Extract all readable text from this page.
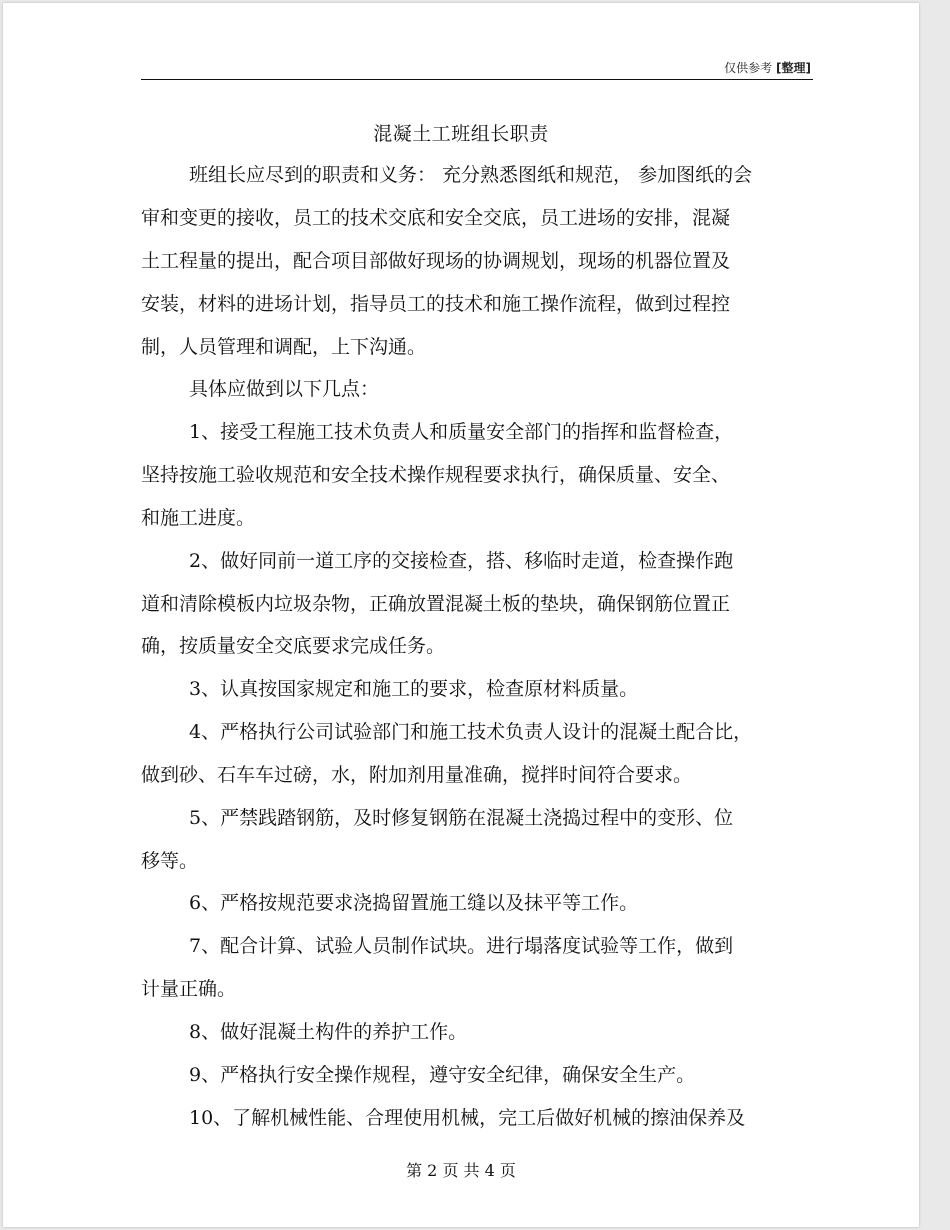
仅供参考 [整理]
混凝土工班组长职责
班组长应尽到的职责和义务： 充分熟悉图纸和规范， 参加图纸的会
审和变更的接收，员工的技术交底和安全交底，员工进场的安排，混凝
土工程量的提出，配合项目部做好现场的协调规划，现场的机器位置及
安装，材料的进场计划，指导员工的技术和施工操作流程，做到过程控
制，人员管理和调配，上下沟通。
具体应做到以下几点：
1、接受工程施工技术负责人和质量安全部门的指挥和监督检查，
坚持按施工验收规范和安全技术操作规程要求执行，确保质量、安全、
和施工进度。
2、做好同前一道工序的交接检查，搭、移临时走道，检查操作跑
道和清除模板内垃圾杂物，正确放置混凝土板的垫块，确保钢筋位置正
确，按质量安全交底要求完成任务。
3、认真按国家规定和施工的要求，检查原材料质量。
4、严格执行公司试验部门和施工技术负责人设计的混凝土配合比，
做到砂、石车车过磅，水，附加剂用量准确，搅拌时间符合要求。
5、严禁践踏钢筋，及时修复钢筋在混凝土浇捣过程中的变形、位
移等。
6、严格按规范要求浇捣留置施工缝以及抹平等工作。
7、配合计算、试验人员制作试块。进行塌落度试验等工作，做到
计量正确。
8、做好混凝土构件的养护工作。
9、严格执行安全操作规程，遵守安全纪律，确保安全生产。
10、了解机械性能、合理使用机械，完工后做好机械的擦油保养及
第 2 页 共 4 页
